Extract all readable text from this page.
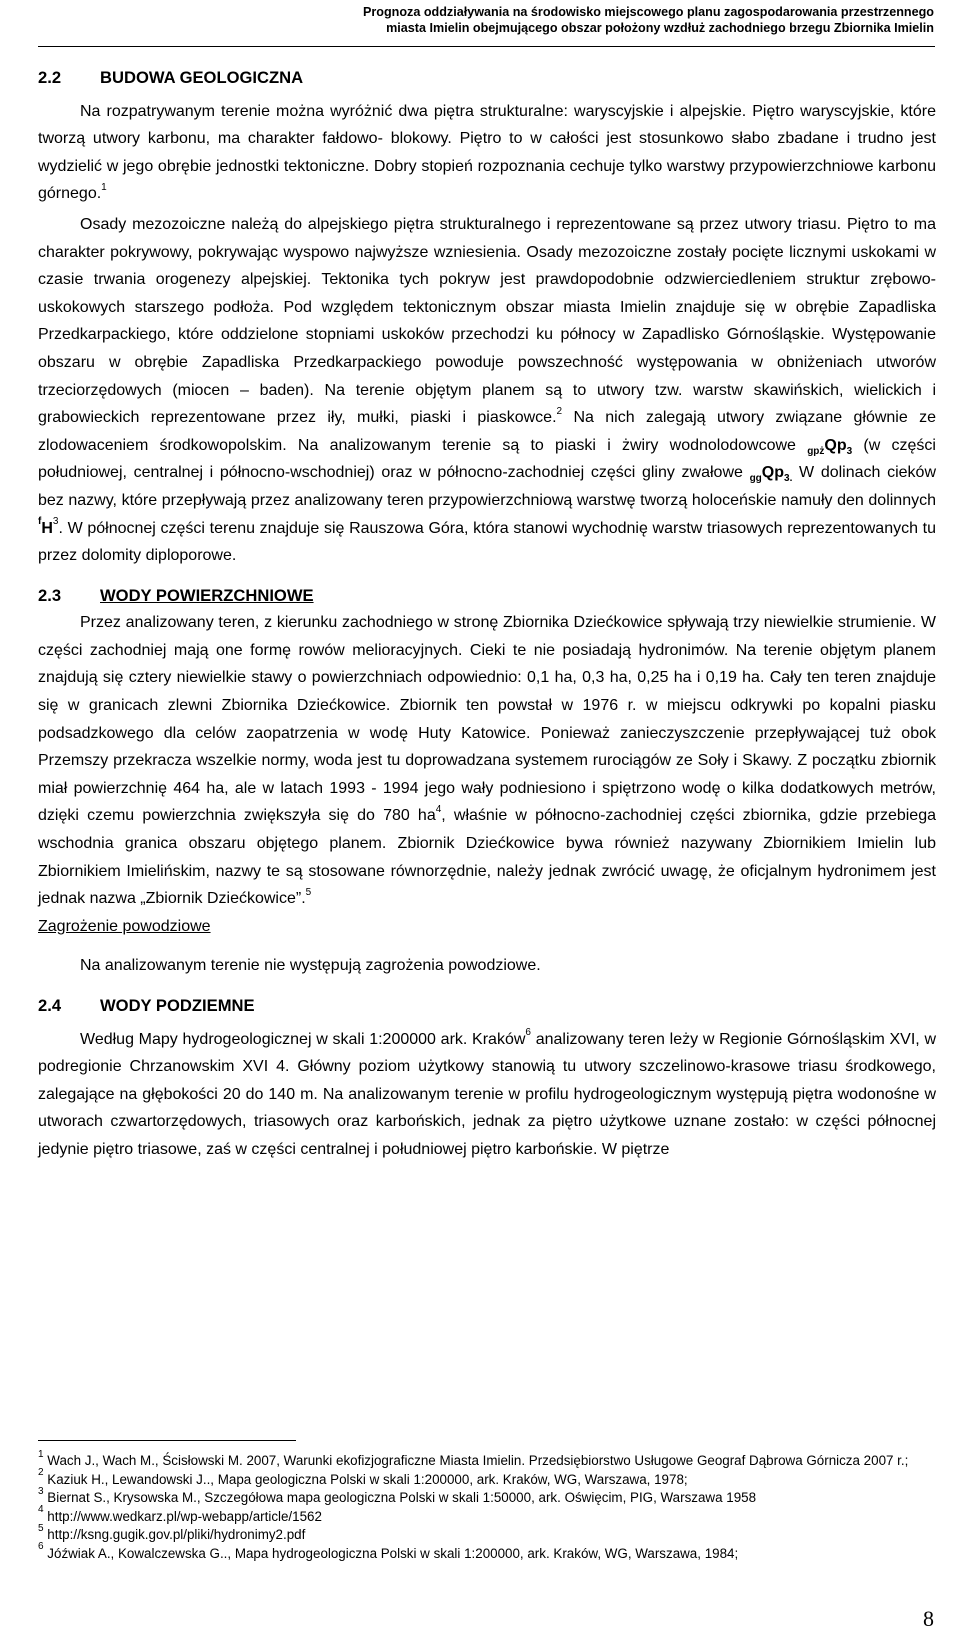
Prognoza oddziaływania na środowisko miejscowego planu zagospodarowania przestrzennego
miasta Imielin obejmującego obszar położony wzdłuż zachodniego brzegu Zbiornika Imielin
2.2	BUDOWA GEOLOGICZNA

Na rozpatrywanym terenie można wyróżnić dwa piętra strukturalne: waryscyjskie i alpejskie. Piętro waryscyjskie, które tworzą utwory karbonu, ma charakter fałdowo- blokowy. Piętro to w całości jest stosunkowo słabo zbadane i trudno jest wydzielić w jego obrębie jednostki tektoniczne. Dobry stopień rozpoznania cechuje tylko warstwy przypowierzchniowe karbonu górnego.$^1$

Osady mezozoiczne należą do alpejskiego piętra strukturalnego i reprezentowane są przez utwory triasu. Piętro to ma charakter pokrywowy, pokrywając wyspowo najwyższe wzniesienia. Osady mezozoiczne zostały pocięte licznymi uskokami w czasie trwania orogenezy alpejskiej. Tektonika tych pokryw jest prawdopodobnie odzwierciedleniem struktur zrębowo-uskokowych starszego podłoża. Pod względem tektonicznym obszar miasta Imielin znajduje się w obrębie Zapadliska Przedkarpackiego, które oddzielone stopniami uskoków przechodzi ku północy w Zapadlisko Górnośląskie. Występowanie obszaru w obrębie Zapadliska Przedkarpackiego powoduje powszechność występowania w obniżeniach utworów trzeciorzędowych (miocen – baden). Na terenie objętym planem są to utwory tzw. warstw skawińskich, wielickich i grabowieckich reprezentowane przez iły, mułki, piaski i piaskowce.$^2$ Na nich zalegają utwory związane głównie ze zlodowaceniem środkowopolskim. Na analizowanym terenie są to piaski i żwiry wodnolodowcowe $_{gpż}Qp_3$ (w części południowej, centralnej i północno-wschodniej) oraz w północno-zachodniej części gliny zwałowe $_{gg}Qp_{3.}$ W dolinach cieków bez nazwy, które przepływają przez analizowany teren przypowierzchniową warstwę tworzą holoceńskie namuły den dolinnych $^fH^3$. W północnej części terenu znajduje się Rauszowa Góra, która stanowi wychodnię warstw triasowych reprezentowanych tu przez dolomity diploporowe.

2.3	WODY POWIERZCHNIOWE

Przez analizowany teren, z kierunku zachodniego w stronę Zbiornika Dziećkowice spływają trzy niewielkie strumienie. W części zachodniej mają one formę rowów melioracyjnych. Cieki te nie posiadają hydronimów. Na terenie objętym planem znajdują się cztery niewielkie stawy o powierzchniach odpowiednio: 0,1 ha, 0,3 ha, 0,25 ha i 0,19 ha. Cały ten teren znajduje się w granicach zlewni Zbiornika Dziećkowice. Zbiornik ten powstał w 1976 r. w miejscu odkrywki po kopalni piasku podsadzkowego dla celów zaopatrzenia w wodę Huty Katowice. Ponieważ zanieczyszczenie przepływającej tuż obok Przemszy przekracza wszelkie normy, woda jest tu doprowadzana systemem rurociągów ze Soły i Skawy. Z początku zbiornik miał powierzchnię 464 ha, ale w latach 1993 - 1994 jego wały podniesiono i spiętrzono wodę o kilka dodatkowych metrów, dzięki czemu powierzchnia zwiększyła się do 780 $ha^4$, właśnie w północno-zachodniej części zbiornika, gdzie przebiega wschodnia granica obszaru objętego planem. Zbiornik Dziećkowice bywa również nazywany Zbiornikiem Imielin lub Zbiornikiem Imielińskim, nazwy te są stosowane równorzędnie, należy jednak zwrócić uwagę, że oficjalnym hydronimem jest jednak nazwa „Zbiornik Dziećkowice”.$^5$

Zagrożenie powodziowe

Na analizowanym terenie nie występują zagrożenia powodziowe.

2.4	WODY PODZIEMNE

Według Mapy hydrogeologicznej w skali 1:200000 ark. Kraków$^6$ analizowany teren leży w Regionie Górnośląskim XVI, w podregionie Chrzanowskim XVI 4. Główny poziom użytkowy stanowią tu utwory szczelinowo-krasowe triasu środkowego, zalegające na głębokości 20 do 140 m. Na analizowanym terenie w profilu hydrogeologicznym występują piętra wodonośne w utworach czwartorzędowych, triasowych oraz karbońskich, jednak za piętro użytkowe uznane zostało: w części północnej jedynie piętro triasowe, zaś w części centralnej i południowej piętro karbońskie. W piętrze

$^1$ Wach J., Wach M., Ścisłowski M. 2007, Warunki ekofizjograficzne Miasta Imielin. Przedsiębiorstwo Usługowe Geograf Dąbrowa Górnicza 2007 r.;

$^2$ Kaziuk H., Lewandowski J.., Mapa geologiczna Polski w skali 1:200000, ark. Kraków, WG, Warszawa, 1978;

$^3$ Biernat S., Krysowska M., Szczegółowa mapa geologiczna Polski w skali 1:50000, ark. Oświęcim, PIG, Warszawa 1958

$^4$ http://www.wedkarz.pl/wp-webapp/article/1562

$^5$ http://ksng.gugik.gov.pl/pliki/hydronimy2.pdf

$^6$ Jóźwiak A., Kowalczewska G.., Mapa hydrogeologiczna Polski w skali 1:200000, ark. Kraków, WG, Warszawa, 1984;

8
